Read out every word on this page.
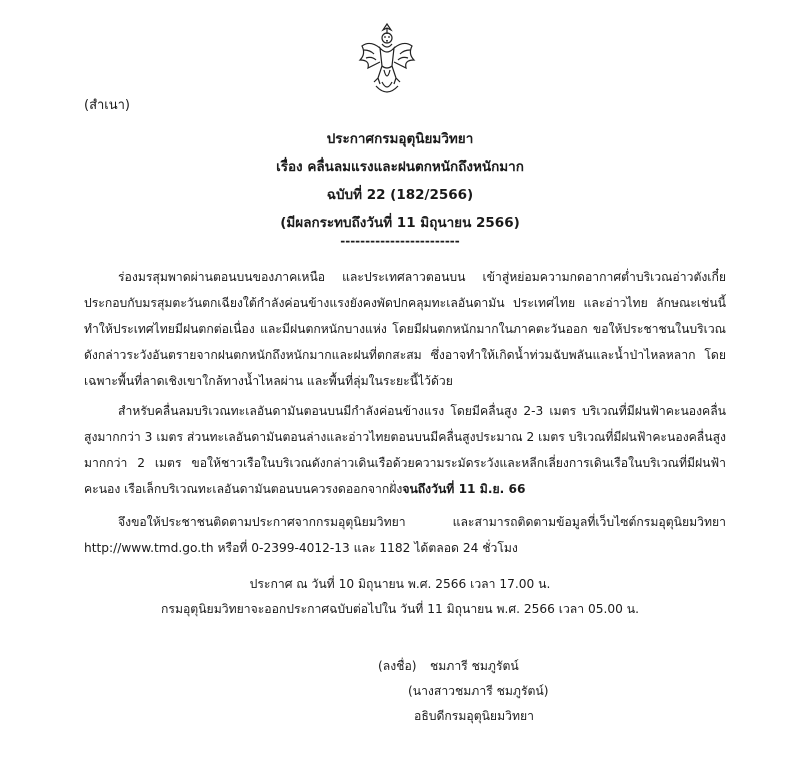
(สำเนา)
ประกาศกรมอุตุนิยมวิทยา
เรื่อง คลื่นลมแรงและฝนตกหนักถึงหนักมาก
ฉบับที่ 22 (182/2566)
(มีผลกระทบถึงวันที่ 11 มิถุนายน 2566)
------------------------

ร่องมรสุมพาดผ่านตอนบนของภาคเหนือ และประเทศลาวตอนบน เข้าสู่หย่อมความกดอากาศต่ำบริเวณอ่าวตังเกี๋ย ประกอบกับมรสุมตะวันตกเฉียงใต้กำลังค่อนข้างแรงยังคงพัดปกคลุมทะเลอันดามัน ประเทศไทย และอ่าวไทย ลักษณะเช่นนี้ทำให้ประเทศไทยมีฝนตกต่อเนื่อง และมีฝนตกหนักบางแห่ง โดยมีฝนตกหนักมากในภาคตะวันออก ขอให้ประชาชนในบริเวณดังกล่าวระวังอันตรายจากฝนตกหนักถึงหนักมากและฝนที่ตกสะสม ซึ่งอาจทำให้เกิดน้ำท่วมฉับพลันและน้ำป่าไหลหลาก โดยเฉพาะพื้นที่ลาดเชิงเขาใกล้ทางน้ำไหลผ่าน และพื้นที่ลุ่มในระยะนี้ไว้ด้วย

สำหรับคลื่นลมบริเวณทะเลอันดามันตอนบนมีกำลังค่อนข้างแรง โดยมีคลื่นสูง 2-3 เมตร บริเวณที่มีฝนฟ้าคะนองคลื่นสูงมากกว่า 3 เมตร ส่วนทะเลอันดามันตอนล่างและอ่าวไทยตอนบนมีคลื่นสูงประมาณ 2 เมตร บริเวณที่มีฝนฟ้าคะนองคลื่นสูงมากกว่า 2 เมตร ขอให้ชาวเรือในบริเวณดังกล่าวเดินเรือด้วยความระมัดระวังและหลีกเลี่ยงการเดินเรือในบริเวณที่มีฝนฟ้าคะนอง เรือเล็กบริเวณทะเลอันดามันตอนบนควรงดออกจากฝั่งจนถึงวันที่ 11 มิ.ย. 66

จึงขอให้ประชาชนติดตามประกาศจากกรมอุตุนิยมวิทยา และสามารถติดตามข้อมูลที่เว็บไซต์กรมอุตุนิยมวิทยา http://www.tmd.go.th หรือที่ 0-2399-4012-13 และ 1182 ได้ตลอด 24 ชั่วโมง

ประกาศ ณ วันที่ 10 มิถุนายน พ.ศ. 2566 เวลา 17.00 น.
กรมอุตุนิยมวิทยาจะออกประกาศฉบับต่อไปใน วันที่ 11 มิถุนายน พ.ศ. 2566 เวลา 05.00 น.
(ลงชื่อ) ชมภารี ชมภูรัตน์
(นางสาวชมภารี ชมภูรัตน์)
อธิบดีกรมอุตุนิยมวิทยา
